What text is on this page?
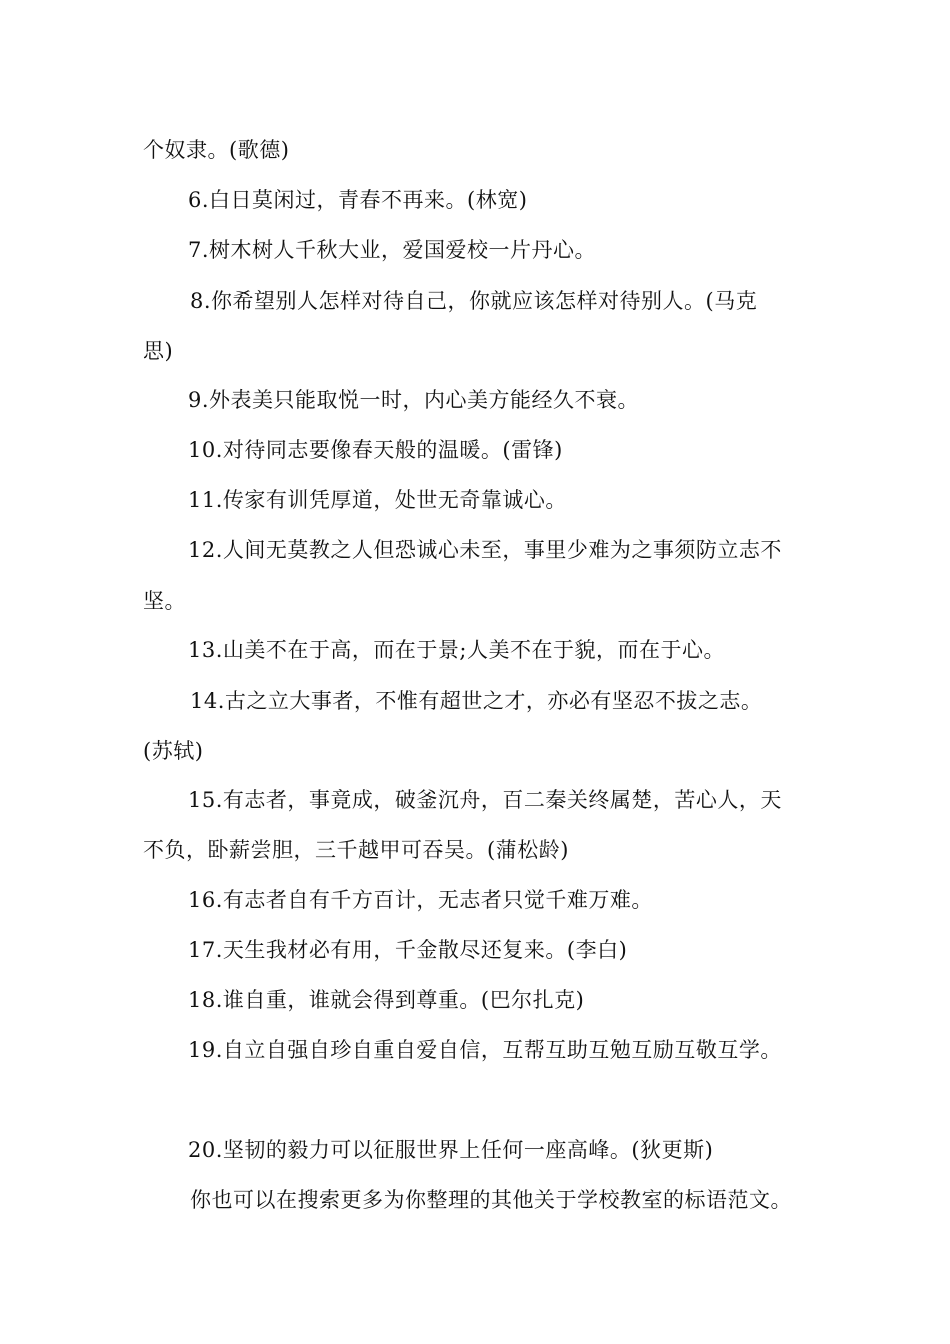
个奴隶。(歌德)
6.白日莫闲过，青春不再来。(林宽)
7.树木树人千秋大业，爱国爱校一片丹心。
8.你希望别人怎样对待自己，你就应该怎样对待别人。(马克
思)
9.外表美只能取悦一时，内心美方能经久不衰。
10.对待同志要像春天般的温暖。(雷锋)
11.传家有训凭厚道，处世无奇靠诚心。
12.人间无莫教之人但恐诚心未至，事里少难为之事须防立志不
坚。
13.山美不在于高，而在于景;人美不在于貌，而在于心。
14.古之立大事者，不惟有超世之才，亦必有坚忍不拔之志。
(苏轼)
15.有志者，事竟成，破釜沉舟，百二秦关终属楚，苦心人，天
不负，卧薪尝胆，三千越甲可吞吴。(蒲松龄)
16.有志者自有千方百计，无志者只觉千难万难。
17.天生我材必有用，千金散尽还复来。(李白)
18.谁自重，谁就会得到尊重。(巴尔扎克)
19.自立自强自珍自重自爱自信，互帮互助互勉互励互敬互学。
20.坚韧的毅力可以征服世界上任何一座高峰。(狄更斯)
你也可以在搜索更多为你整理的其他关于学校教室的标语范文。
